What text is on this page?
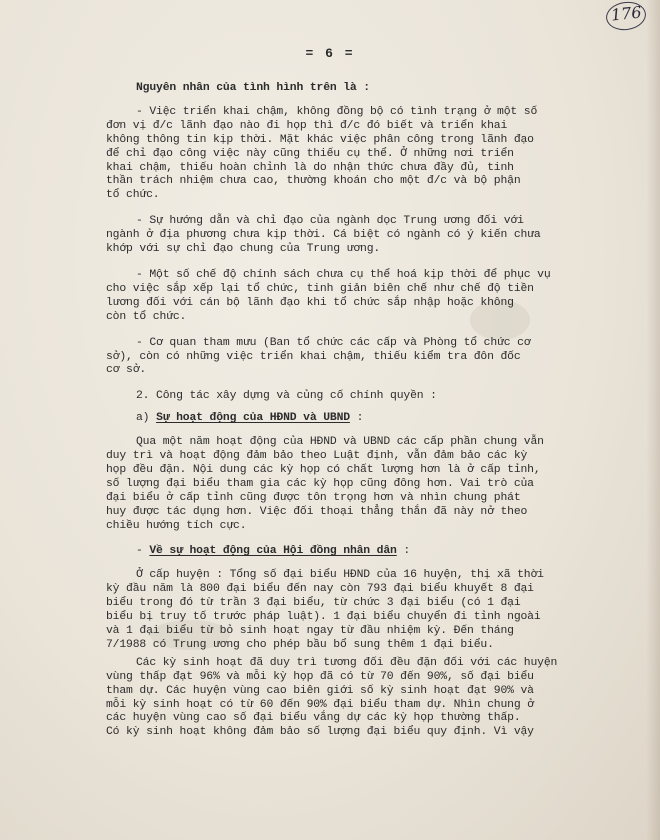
176
= 6 =

Nguyên nhân của tình hình trên là :

- Việc triển khai chậm, không đồng bộ có tình trạng ở một số
đơn vị đ/c lãnh đạo nào đi họp thì đ/c đó biết và triển khai
không thông tin kịp thời. Mặt khác việc phân công trong lãnh đạo
để chỉ đạo công việc này cũng thiếu cụ thể. Ở những nơi triển
khai chậm, thiếu hoàn chỉnh là do nhận thức chưa đầy đủ, tinh
thần trách nhiệm chưa cao, thường khoán cho một đ/c và bộ phận
tổ chức.

- Sự hướng dẫn và chỉ đạo của ngành dọc Trung ương đối với
ngành ở địa phương chưa kịp thời. Cá biệt có ngành có ý kiến chưa
khớp với sự chỉ đạo chung của Trung ương.

- Một số chế độ chính sách chưa cụ thể hoá kịp thời để phục vụ
cho việc sắp xếp lại tổ chức, tinh giản biên chế như chế độ tiền
lương đối với cán bộ lãnh đạo khi tổ chức sắp nhập hoặc không
còn tổ chức.

- Cơ quan tham mưu (Ban tổ chức các cấp và Phòng tổ chức cơ
sở), còn có những việc triển khai chậm, thiếu kiểm tra đôn đốc
cơ sở.

2. Công tác xây dựng và củng cố chính quyền :

a) Sự hoạt động của HĐND và UBND :

Qua một năm hoạt động của HĐND và UBND các cấp phần chung vẫn
duy trì và hoạt động đảm bảo theo Luật định, vẫn đảm bảo các kỳ
họp đều đặn. Nội dung các kỳ họp có chất lượng hơn là ở cấp tỉnh,
số lượng đại biểu tham gia các kỳ họp cũng đông hơn. Vai trò của
đại biểu ở cấp tỉnh cũng được tôn trọng hơn và nhìn chung phát
huy được tác dụng hơn. Việc đối thoại thẳng thắn đã này nở theo
chiều hướng tích cực.

- Về sự hoạt động của Hội đồng nhân dân :

Ở cấp huyện : Tổng số đại biểu HĐND của 16 huyện, thị xã thời
kỳ đầu năm là 800 đại biểu đến nay còn 793 đại biểu khuyết 8 đại
biểu trong đó từ trần 3 đại biểu, từ chức 3 đại biểu (có 1 đại
biểu bị truy tố trước pháp luật). 1 đại biểu chuyển đi tỉnh ngoài
và 1 đại biểu từ bỏ sinh hoạt ngay từ đầu nhiệm kỳ. Đến tháng
7/1988 có Trung ương cho phép bầu bổ sung thêm 1 đại biểu.

Các kỳ sinh hoạt đã duy trì tương đối đều đặn đối với các huyện
vùng thấp đạt 96% và mỗi kỳ họp đã có từ 70 đến 90%, số đại biểu
tham dự. Các huyện vùng cao biên giới số kỳ sinh hoạt đạt 90% và
mỗi kỳ sinh hoạt có từ 60 đến 90% đại biểu tham dự. Nhìn chung ở
các huyện vùng cao số đại biểu vắng dự các kỳ họp thường thấp.
Có kỳ sinh hoạt không đảm bảo số lượng đại biểu quy định. Vì vậy
